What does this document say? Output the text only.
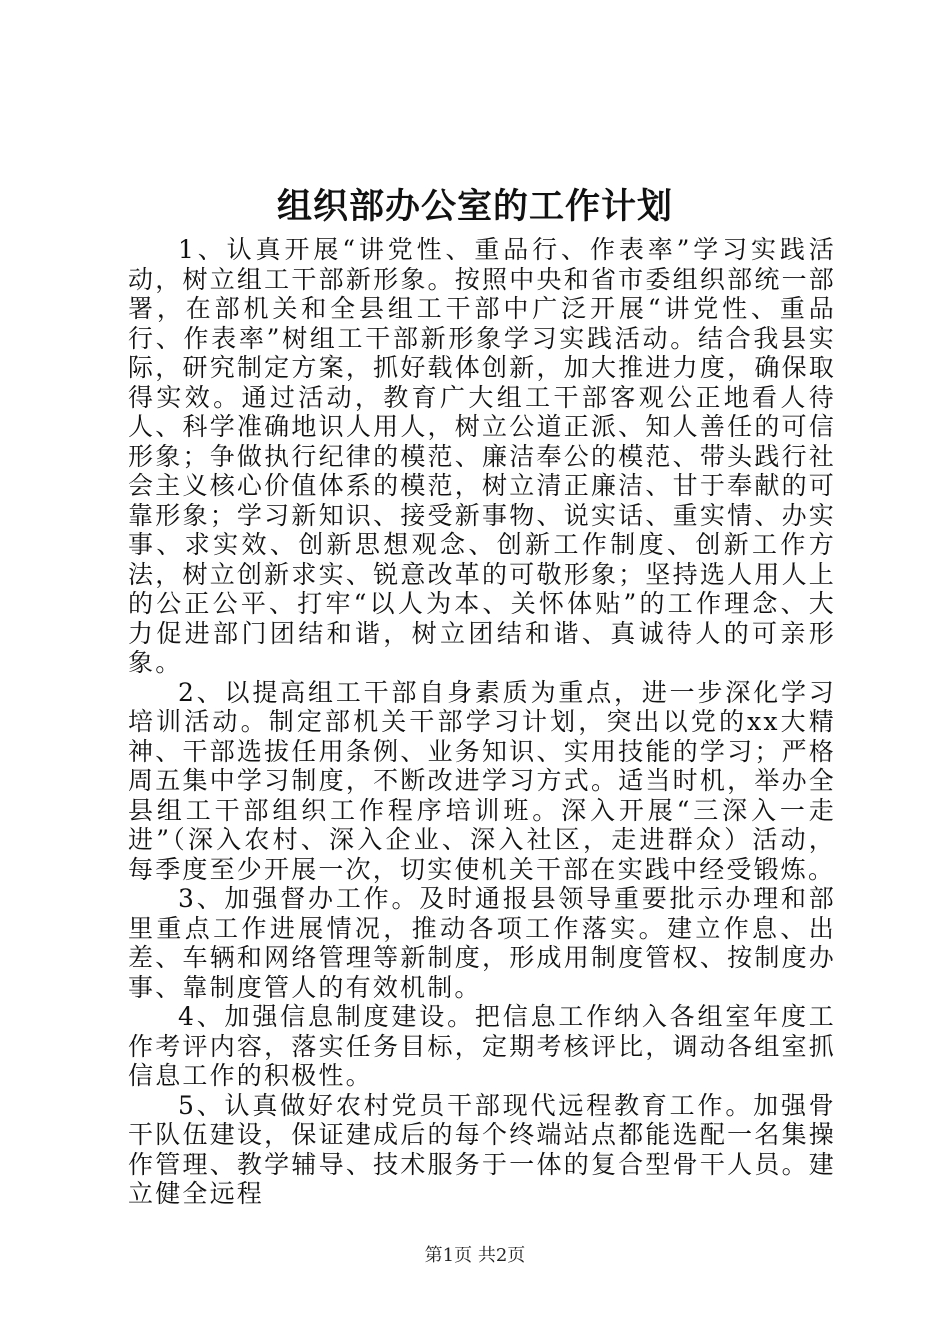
组织部办公室的工作计划

1、认真开展“讲党性、重品行、作表率”学习实践活动，树立组工干部新形象。按照中央和省市委组织部统一部署，在部机关和全县组工干部中广泛开展“讲党性、重品行、作表率”树组工干部新形象学习实践活动。结合我县实际，研究制定方案，抓好载体创新，加大推进力度，确保取得实效。通过活动，教育广大组工干部客观公正地看人待人、科学准确地识人用人，树立公道正派、知人善任的可信形象；争做执行纪律的模范、廉洁奉公的模范、带头践行社会主义核心价值体系的模范，树立清正廉洁、甘于奉献的可靠形象；学习新知识、接受新事物、说实话、重实情、办实事、求实效、创新思想观念、创新工作制度、创新工作方法，树立创新求实、锐意改革的可敬形象；坚持选人用人上的公正公平、打牢“以人为本、关怀体贴”的工作理念、大力促进部门团结和谐，树立团结和谐、真诚待人的可亲形象。

2、以提高组工干部自身素质为重点，进一步深化学习培训活动。制定部机关干部学习计划，突出以党的xx大精神、干部选拔任用条例、业务知识、实用技能的学习；严格周五集中学习制度，不断改进学习方式。适当时机，举办全县组工干部组织工作程序培训班。深入开展“三深入一走进”（深入农村、深入企业、深入社区，走进群众）活动，每季度至少开展一次，切实使机关干部在实践中经受锻炼。

3、加强督办工作。及时通报县领导重要批示办理和部里重点工作进展情况，推动各项工作落实。建立作息、出差、车辆和网络管理等新制度，形成用制度管权、按制度办事、靠制度管人的有效机制。

4、加强信息制度建设。把信息工作纳入各组室年度工作考评内容，落实任务目标，定期考核评比，调动各组室抓信息工作的积极性。

5、认真做好农村党员干部现代远程教育工作。加强骨干队伍建设，保证建成后的每个终端站点都能选配一名集操作管理、教学辅导、技术服务于一体的复合型骨干人员。建立健全远程

第1页 共2页
